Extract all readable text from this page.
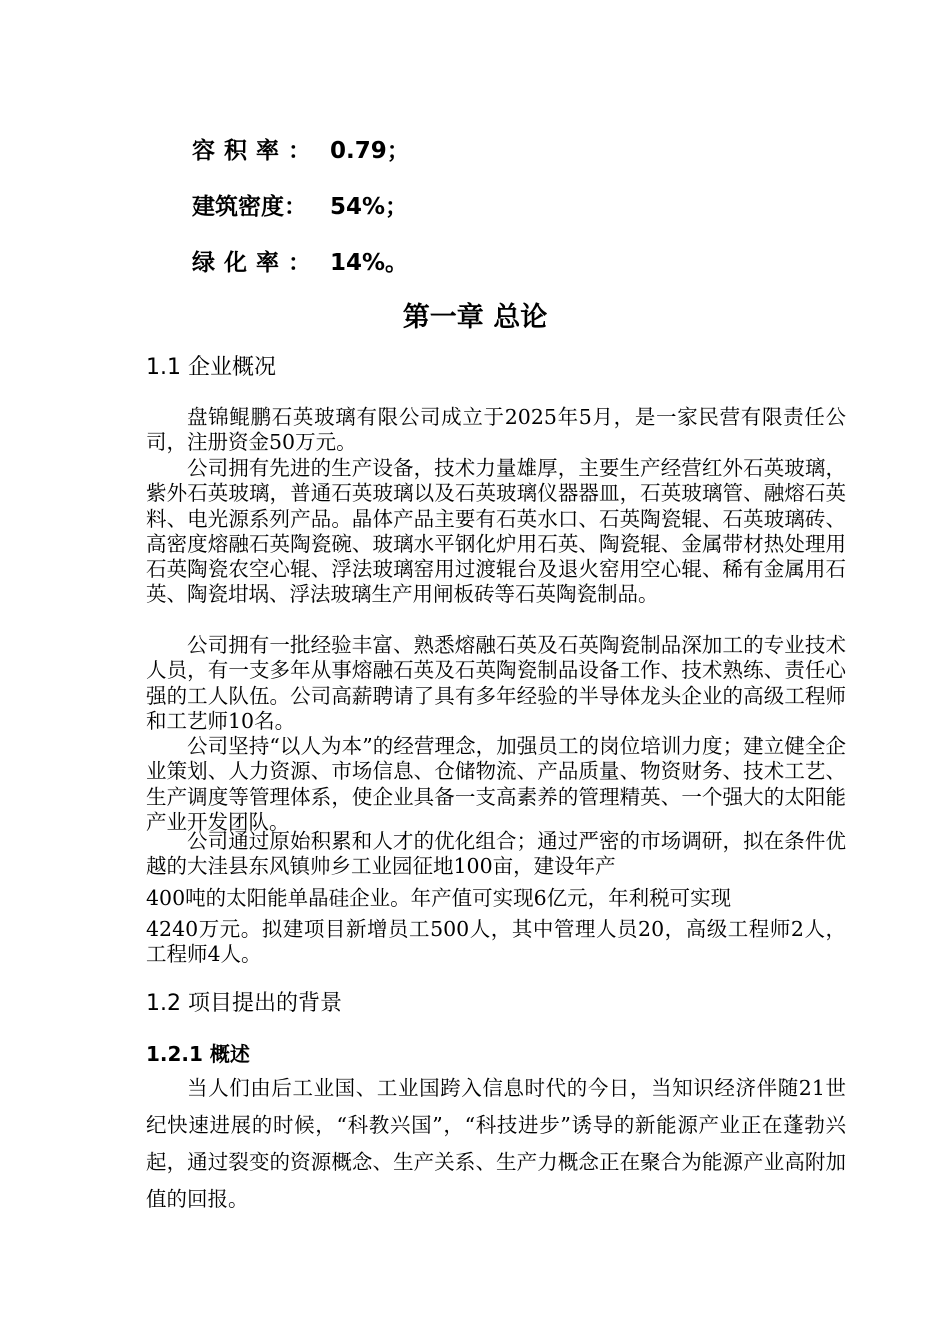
容积率： 0.79；
建筑密度： 54%；
绿化率： 14%。
第一章 总论
1.1 企业概况

盘锦鲲鹏石英玻璃有限公司成立于2025年5月，是一家民营有限责任公司，注册资金50万元。

公司拥有先进的生产设备，技术力量雄厚，主要生产经营红外石英玻璃，紫外石英玻璃，普通石英玻璃以及石英玻璃仪器器皿，石英玻璃管、融熔石英料、电光源系列产品。晶体产品主要有石英水口、石英陶瓷辊、石英玻璃砖、高密度熔融石英陶瓷碗、玻璃水平钢化炉用石英、陶瓷辊、金属带材热处理用石英陶瓷农空心辊、浮法玻璃窑用过渡辊台及退火窑用空心辊、稀有金属用石英、陶瓷坩埚、浮法玻璃生产用闸板砖等石英陶瓷制品。

公司拥有一批经验丰富、熟悉熔融石英及石英陶瓷制品深加工的专业技术人员，有一支多年从事熔融石英及石英陶瓷制品设备工作、技术熟练、责任心强的工人队伍。公司高薪聘请了具有多年经验的半导体龙头企业的高级工程师和工艺师10名。

公司坚持“以人为本”的经营理念，加强员工的岗位培训力度；建立健全企业策划、人力资源、市场信息、仓储物流、产品质量、物资财务、技术工艺、生产调度等管理体系，使企业具备一支高素养的管理精英、一个强大的太阳能产业开发团队。

公司通过原始积累和人才的优化组合；通过严密的市场调研，拟在条件优越的大洼县东风镇帅乡工业园征地100亩，建设年产
400吨的太阳能单晶硅企业。年产值可实现6亿元，年利税可实现
4240万元。拟建项目新增员工500人，其中管理人员20，高级工程师2人，工程师4人。

1.2 项目提出的背景
1.2.1 概述

当人们由后工业国、工业国跨入信息时代的今日，当知识经济伴随21世纪快速进展的时候，“科教兴国”，“科技进步”诱导的新能源产业正在蓬勃兴起，通过裂变的资源概念、生产关系、生产力概念正在聚合为能源产业高附加值的回报。
